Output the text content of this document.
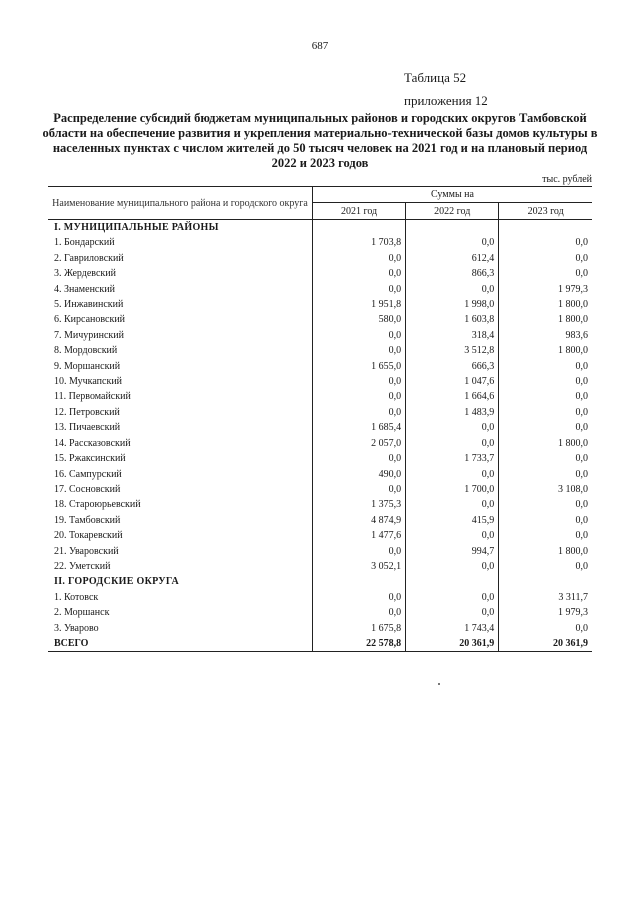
687
Таблица 52
приложения 12
Распределение субсидий бюджетам муниципальных районов и городских округов Тамбовской области на обеспечение развития и укрепления материально-технической базы домов культуры в населенных пунктах с числом жителей до 50 тысяч человек на 2021 год и на плановый период 2022 и 2023 годов
тыс. рублей
Наименование муниципального района и городского округа	Суммы на		
	2021 год	2022 год	2023 год
I. МУНИЦИПАЛЬНЫЕ РАЙОНЫ			
1. Бондарский	1 703,8	0,0	0,0
2. Гавриловский	0,0	612,4	0,0
3. Жердевский	0,0	866,3	0,0
4. Знаменский	0,0	0,0	1 979,3
5. Инжавинский	1 951,8	1 998,0	1 800,0
6. Кирсановский	580,0	1 603,8	1 800,0
7. Мичуринский	0,0	318,4	983,6
8. Мордовский	0,0	3 512,8	1 800,0
9. Моршанский	1 655,0	666,3	0,0
10. Мучкапский	0,0	1 047,6	0,0
11. Первомайский	0,0	1 664,6	0,0
12. Петровский	0,0	1 483,9	0,0
13. Пичаевский	1 685,4	0,0	0,0
14. Рассказовский	2 057,0	0,0	1 800,0
15. Ржаксинский	0,0	1 733,7	0,0
16. Сампурский	490,0	0,0	0,0
17. Сосновский	0,0	1 700,0	3 108,0
18. Староюрьевский	1 375,3	0,0	0,0
19. Тамбовский	4 874,9	415,9	0,0
20. Токаревский	1 477,6	0,0	0,0
21. Уваровский	0,0	994,7	1 800,0
22. Уметский	3 052,1	0,0	0,0
II. ГОРОДСКИЕ ОКРУГА			
1. Котовск	0,0	0,0	3 311,7
2. Моршанск	0,0	0,0	1 979,3
3. Уварово	1 675,8	1 743,4	0,0
ВСЕГО	22 578,8	20 361,9	20 361,9
